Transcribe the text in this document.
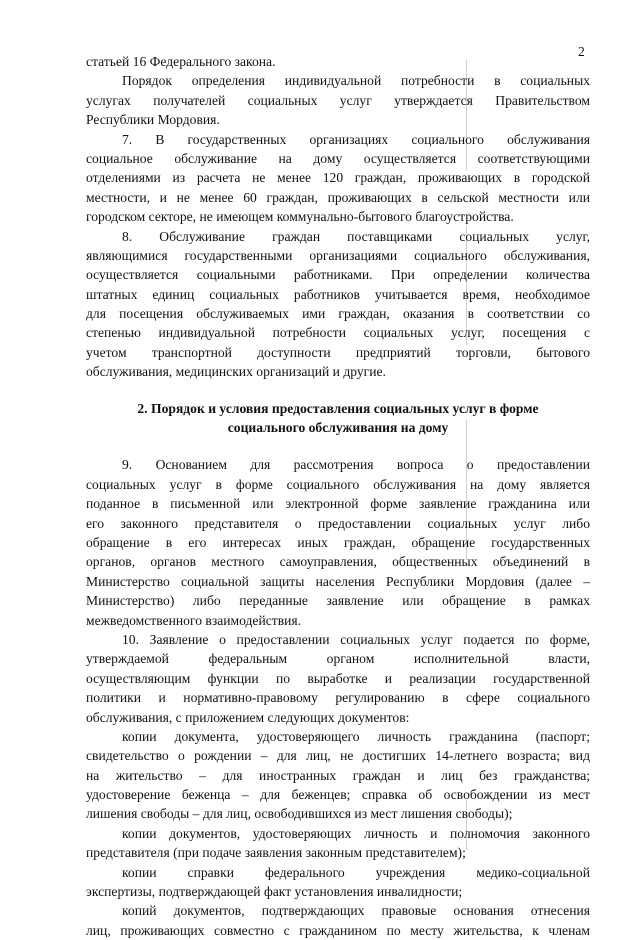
2
статьей 16 Федерального закона.
Порядок определения индивидуальной потребности в социальных
услугах получателей социальных услуг утверждается Правительством
Республики Мордовия.
7. В государственных организациях социального обслуживания
социальное обслуживание на дому осуществляется соответствующими
отделениями из расчета не менее 120 граждан, проживающих в городской
местности, и не менее 60 граждан, проживающих в сельской местности или
городском секторе, не имеющем коммунально-бытового благоустройства.
8. Обслуживание граждан поставщиками социальных услуг,
являющимися государственными организациями социального обслуживания,
осуществляется социальными работниками. При определении количества
штатных единиц социальных работников учитывается время, необходимое
для посещения обслуживаемых ими граждан, оказания в соответствии со
степенью индивидуальной потребности социальных услуг, посещения с
учетом транспортной доступности предприятий торговли, бытового
обслуживания, медицинских организаций и другие.
2. Порядок и условия предоставления социальных услуг в форме
социального обслуживания на дому
9. Основанием для рассмотрения вопроса о предоставлении
социальных услуг в форме социального обслуживания на дому является
поданное в письменной или электронной форме заявление гражданина или
его законного представителя о предоставлении социальных услуг либо
обращение в его интересах иных граждан, обращение государственных
органов, органов местного самоуправления, общественных объединений в
Министерство социальной защиты населения Республики Мордовия (далее –
Министерство) либо переданные заявление или обращение в рамках
межведомственного взаимодействия.
10. Заявление о предоставлении социальных услуг подается по форме,
утверждаемой федеральным органом исполнительной власти,
осуществляющим функции по выработке и реализации государственной
политики и нормативно-правовому регулированию в сфере социального
обслуживания, с приложением следующих документов:
копии документа, удостоверяющего личность гражданина (паспорт;
свидетельство о рождении – для лиц, не достигших 14-летнего возраста; вид
на жительство – для иностранных граждан и лиц без гражданства;
удостоверение беженца – для беженцев; справка об освобождении из мест
лишения свободы – для лиц, освободившихся из мест лишения свободы);
копии документов, удостоверяющих личность и полномочия законного
представителя (при подаче заявления законным представителем);
копии справки федерального учреждения медико-социальной
экспертизы, подтверждающей факт установления инвалидности;
копий документов, подтверждающих правовые основания отнесения
лиц, проживающих совместно с гражданином по месту жительства, к членам
